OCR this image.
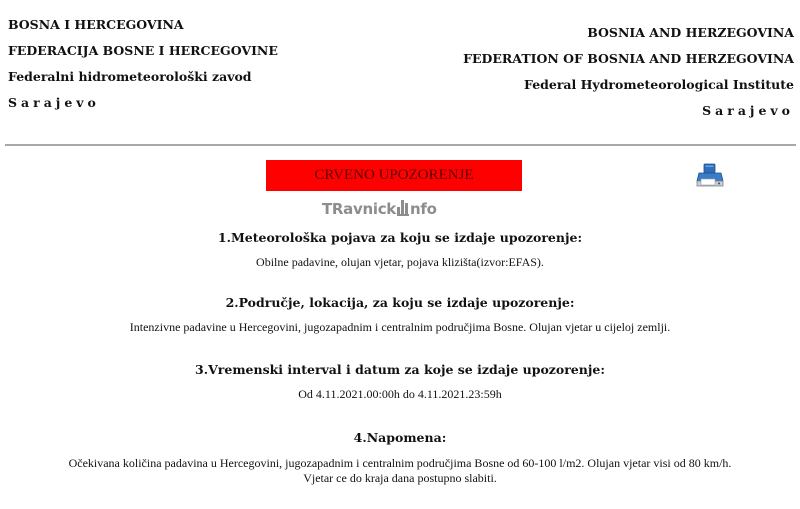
BOSNA I HERCEGOVINA
FEDERACIJA BOSNE I HERCEGOVINE
Federalni hidrometeorološki zavod
Sarajevo
BOSNIA AND HERZEGOVINA
FEDERATION OF BOSNIA AND HERZEGOVINA
Federal Hydrometeorological Institute
Sarajevo
CRVENO UPOZORENJE
TRavnick nfo
1.Meteorološka pojava za koju se izdaje upozorenje:

Obilne padavine, olujan vjetar, pojava klizišta(izvor:EFAS).

2.Područje, lokacija, za koju se izdaje upozorenje:

Intenzivne padavine u Hercegovini, jugozapadnim i centralnim područjima Bosne. Olujan vjetar u cijeloj zemlji.

3.Vremenski interval i datum za koje se izdaje upozorenje:

Od 4.11.2021.00:00h do 4.11.2021.23:59h

4.Napomena:

Očekivana količina padavina u Hercegovini, jugozapadnim i centralnim područjima Bosne od 60-100 l/m2. Olujan vjetar visi od 80 km/h.
Vjetar ce do kraja dana postupno slabiti.
